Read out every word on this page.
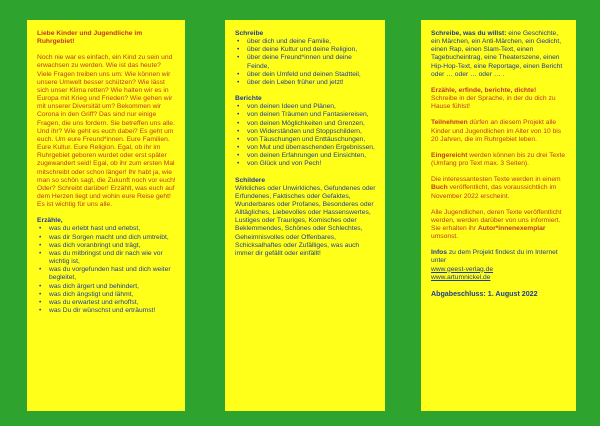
Liebe Kinder und Jugendliche im Ruhrgebiet!

Noch nie war es einfach, ein Kind zu sein und erwachsen zu werden. Wie ist das heute? Viele Fragen treiben uns um: Wie können wir unsere Umwelt besser schützen? Wie lässt sich unser Klima retten? Wie halten wir es in Europa mit Krieg und Frieden? Wie gehen wir mit unserer Diversität um? Bekommen wir Corona in den Griff? Das sind nur einige Fragen, die uns fordern. Sie betreffen uns alle.

Und ihr? Wie geht es euch dabei? Es geht um euch. Um eure Freund*innen. Eure Familien. Eure Kultur. Eure Religion. Egal, ob ihr im Ruhrgebiet geboren wurdet oder erst später zugewandert seid! Egal, ob ihr zum ersten Mal mitschreibt oder schon länger! Ihr habt ja, wie man so schön sagt, die Zukunft noch vor euch! Oder? Schreibt darüber! Erzählt, was euch auf dem Herzen liegt und wohin eure Reise geht! Es ist wichtig für uns alle.

Erzähle,

• was du erlebt hast und erlebst,
• was dir Sorgen macht und dich umtreibt,
• was dich voranbringt und trägt,
• was du mitbringst und dir nach wie vor wichtig ist,
• was du vorgefunden hast und dich weiter begleitet,
• was dich ärgert und behindert,
• was dich ängstigt und lähmt,
• was du erwartest und erhoffst,
• was Du dir wünschst und erträumst!

Schreibe

• über dich und deine Familie,
• über deine Kultur und deine Religion,
• über deine Freund*innen und deine Feinde,
• über dein Umfeld und deinen Stadtteil,
• über dein Leben früher und jetzt!

Berichte

• von deinen Ideen und Plänen,
• von deinen Träumen und Fantasiereisen,
• von deinen Möglichkeiten und Grenzen,
• von Widerständen und Stoppschildern,
• von Täuschungen und Enttäuschungen,
• von Mut und überraschenden Ergebnissen,
• von deinen Erfahrungen und Einsichten,
• von Glück und von Pech!

Schildere

Wirkliches oder Unwirkliches, Gefundenes oder Erfundenes, Faktisches oder Gefaktes, Wunderbares oder Profanes, Besonderes oder Alltägliches, Liebevolles oder Hassenswertes, Lustiges oder Trauriges, Komisches oder Beklemmendes, Schönes oder Schlechtes, Geheimnisvolles oder Offenbares, Schicksalhaftes oder Zufälliges, was auch immer dir gefällt oder einfällt!

Schreibe, was du willst: eine Geschichte, ein Märchen, ein Anti-Märchen, ein Gedicht, einen Rap, einen Slam-Text, einen Tagebucheintrag, eine Theaterszene, einen Hip-Hop-Text, eine Reportage, einen Bericht oder … oder … oder … .

Erzähle, erfinde, berichte, dichte!

Schreibe in der Sprache, in der du dich zu Hause fühlst!

Teilnehmen dürfen an diesem Projekt alle Kinder und Jugendlichen im Alter von 10 bis 20 Jahren, die im Ruhrgebiet leben.

Eingereicht werden können bis zu drei Texte (Umfang pro Text max. 3 Seiten).

Die interessantesten Texte werden in einem Buch veröffentlicht, das voraussichtlich im November 2022 erscheint.

Alle Jugendlichen, deren Texte veröffentlicht werden, werden darüber von uns informiert. Sie erhalten ihr Autor*innenexemplar umsonst.

Infos zu dem Projekt findest du im Internet unter

www.geest-verlag.de

www.artumnickel.de

Abgabeschluss: 1. August 2022
